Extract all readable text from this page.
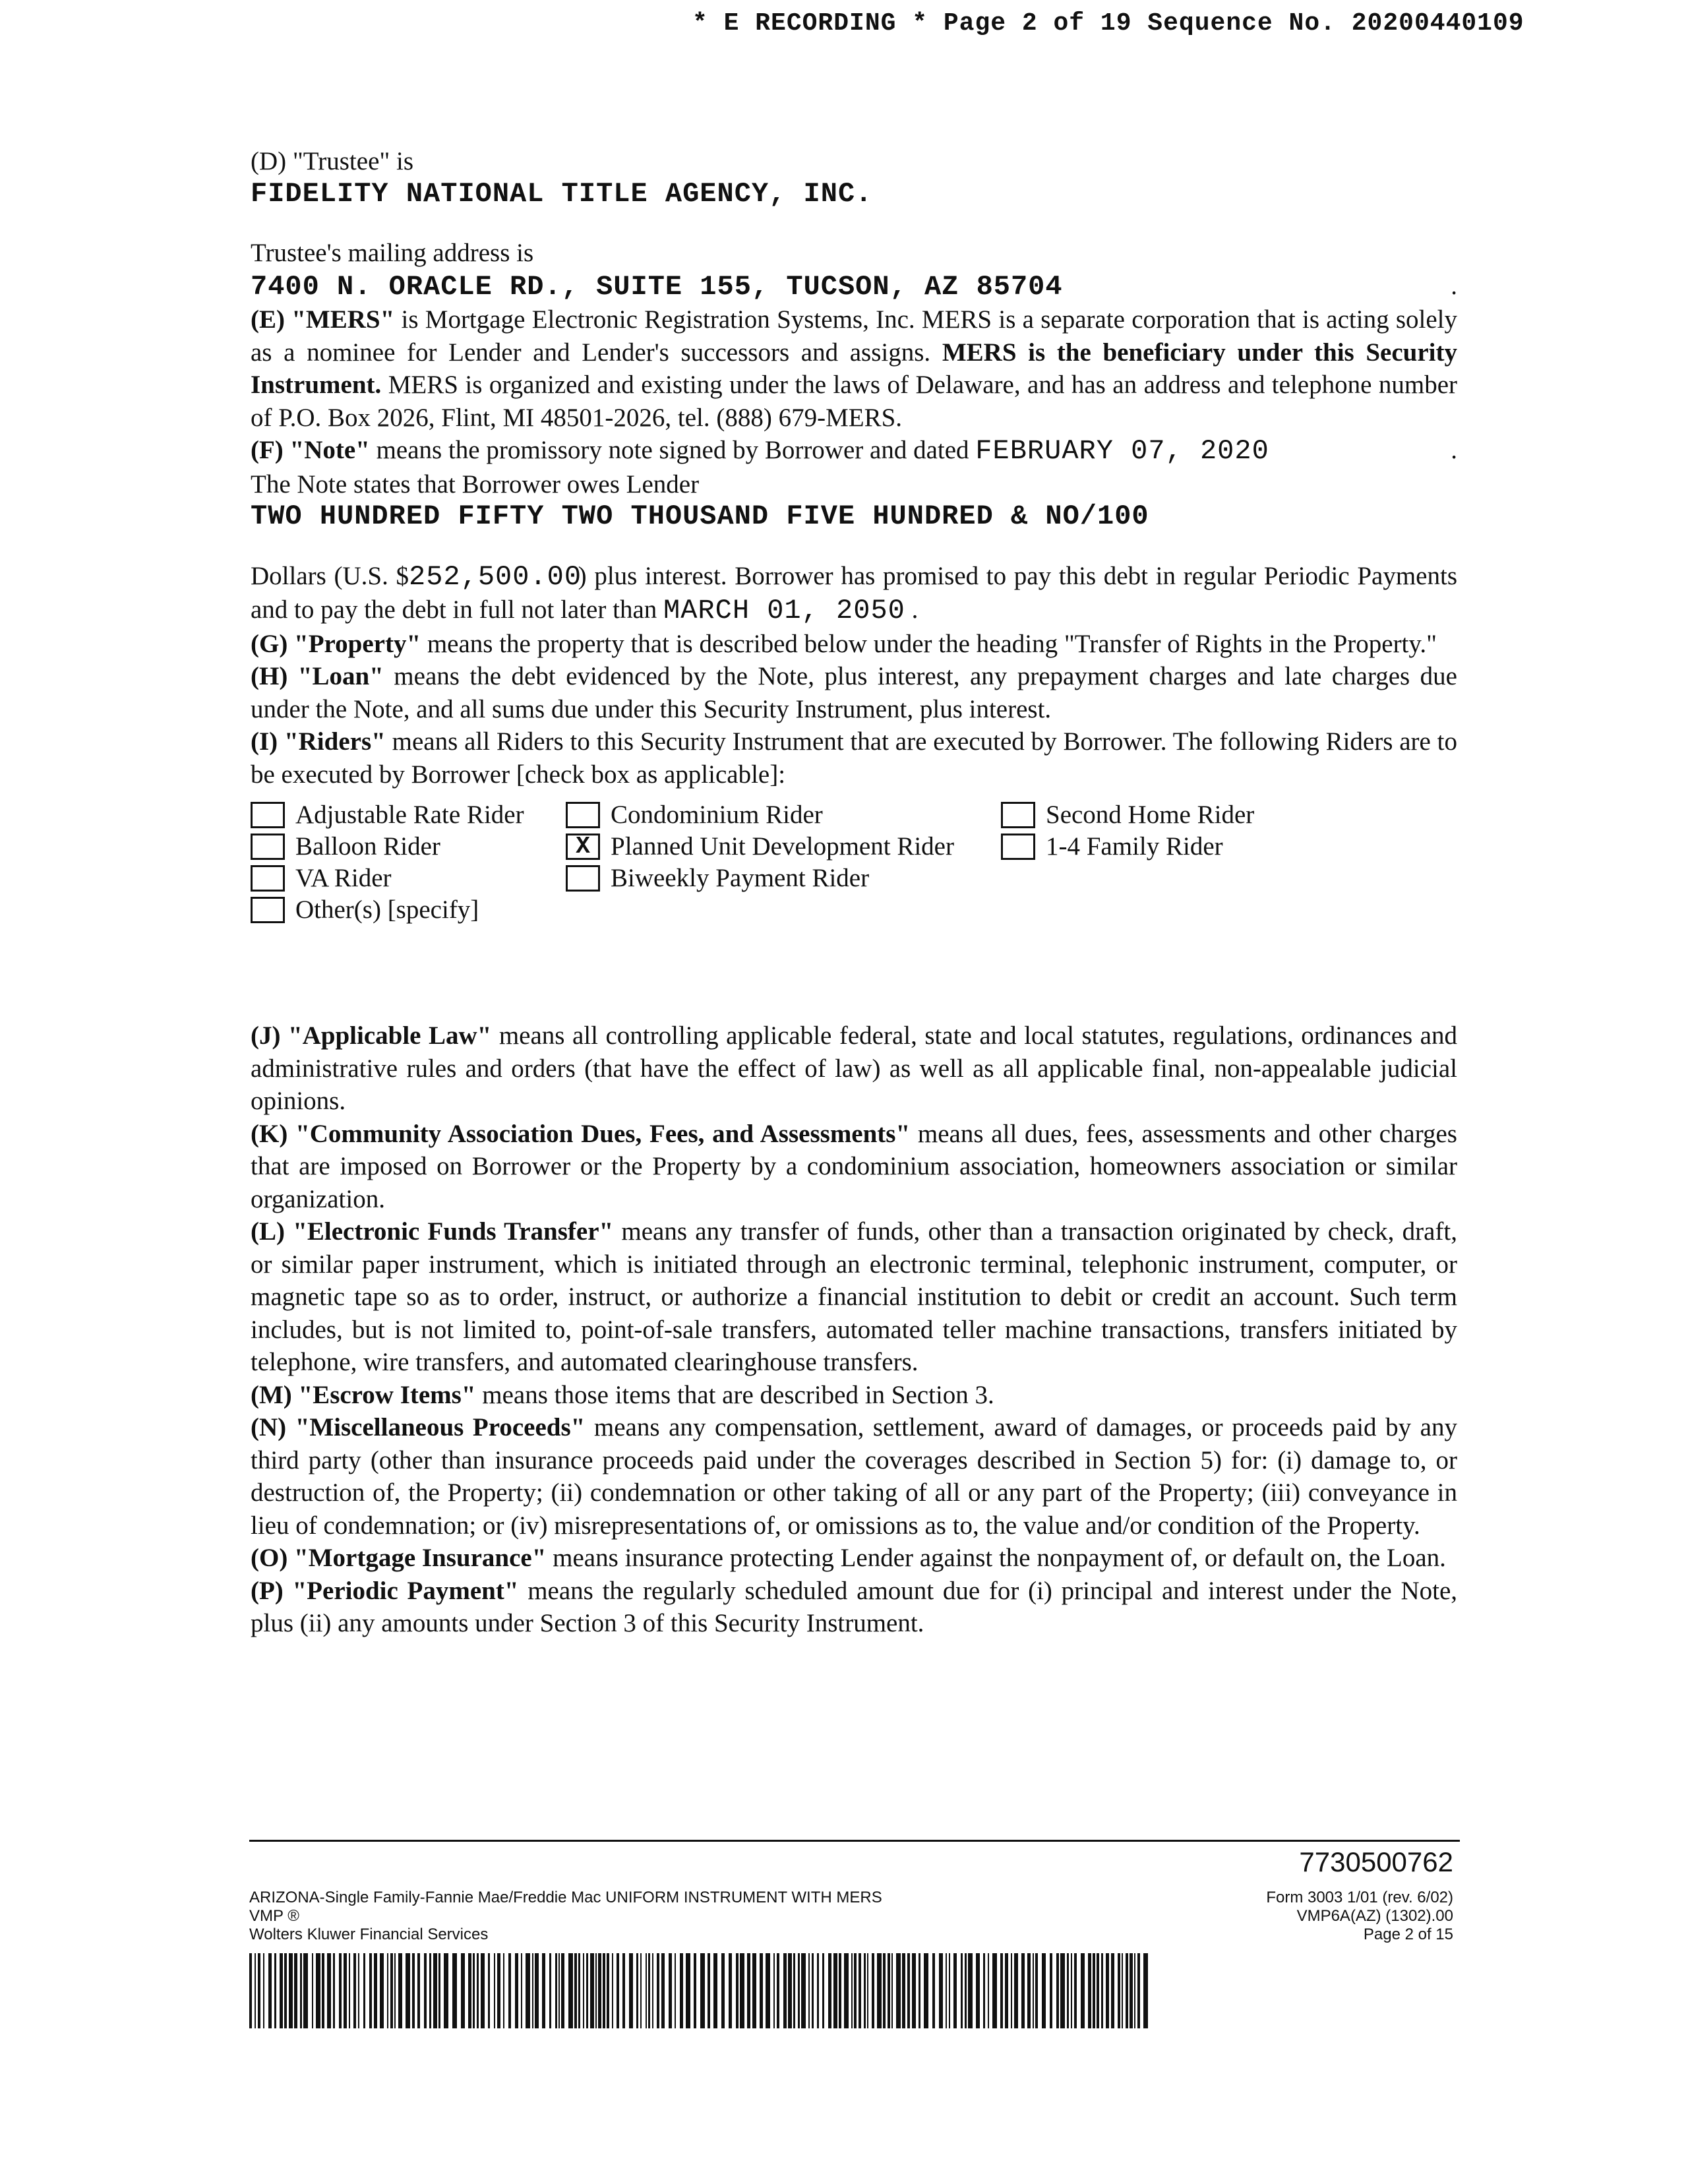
* E RECORDING * Page 2 of 19 Sequence No. 20200440109

(D) "Trustee" is

FIDELITY NATIONAL TITLE AGENCY, INC.

Trustee's mailing address is

7400 N. ORACLE RD., SUITE 155, TUCSON, AZ 85704	.

(E) "MERS" is Mortgage Electronic Registration Systems, Inc. MERS is a separate corporation that is acting solely as a nominee for Lender and Lender's successors and assigns. MERS is the beneficiary under this Security Instrument. MERS is organized and existing under the laws of Delaware, and has an address and telephone number of P.O. Box 2026, Flint, MI 48501-2026, tel. (888) 679-MERS.

(F) "Note" means the promissory note signed by Borrower and dated FEBRUARY 07, 2020	.

The Note states that Borrower owes Lender

TWO HUNDRED FIFTY TWO THOUSAND FIVE HUNDRED & NO/100

Dollars (U.S. $252,500.00 ) plus interest. Borrower has promised to pay this debt in regular Periodic Payments and to pay the debt in full not later than MARCH 01, 2050 .

(G) "Property" means the property that is described below under the heading "Transfer of Rights in the Property."

(H) "Loan" means the debt evidenced by the Note, plus interest, any prepayment charges and late charges due under the Note, and all sums due under this Security Instrument, plus interest.

(I) "Riders" means all Riders to this Security Instrument that are executed by Borrower. The following Riders are to be executed by Borrower [check box as applicable]:

Adjustable Rate Rider
Balloon Rider
VA Rider
Other(s) [specify]
Condominium Rider
X Planned Unit Development Rider
Biweekly Payment Rider
Second Home Rider
1-4 Family Rider

(J) "Applicable Law" means all controlling applicable federal, state and local statutes, regulations, ordinances and administrative rules and orders (that have the effect of law) as well as all applicable final, non-appealable judicial opinions.

(K) "Community Association Dues, Fees, and Assessments" means all dues, fees, assessments and other charges that are imposed on Borrower or the Property by a condominium association, homeowners association or similar organization.

(L) "Electronic Funds Transfer" means any transfer of funds, other than a transaction originated by check, draft, or similar paper instrument, which is initiated through an electronic terminal, telephonic instrument, computer, or magnetic tape so as to order, instruct, or authorize a financial institution to debit or credit an account. Such term includes, but is not limited to, point-of-sale transfers, automated teller machine transactions, transfers initiated by telephone, wire transfers, and automated clearinghouse transfers.

(M) "Escrow Items" means those items that are described in Section 3.

(N) "Miscellaneous Proceeds" means any compensation, settlement, award of damages, or proceeds paid by any third party (other than insurance proceeds paid under the coverages described in Section 5) for: (i) damage to, or destruction of, the Property; (ii) condemnation or other taking of all or any part of the Property; (iii) conveyance in lieu of condemnation; or (iv) misrepresentations of, or omissions as to, the value and/or condition of the Property.

(O) "Mortgage Insurance" means insurance protecting Lender against the nonpayment of, or default on, the Loan.

(P) "Periodic Payment" means the regularly scheduled amount due for (i) principal and interest under the Note, plus (ii) any amounts under Section 3 of this Security Instrument.

7730500762
ARIZONA-Single Family-Fannie Mae/Freddie Mac UNIFORM INSTRUMENT WITH MERS
VMP ®
Wolters Kluwer Financial Services
Form 3003 1/01 (rev. 6/02)
VMP6A(AZ) (1302).00
Page 2 of 15
